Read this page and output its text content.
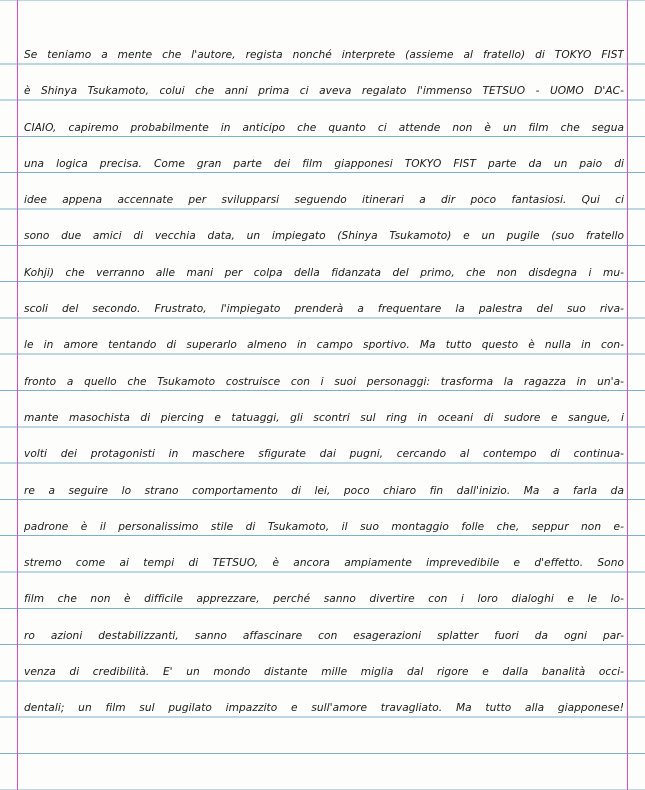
Se teniamo a mente che l'autore, regista nonché interprete (assieme al fratello) di TOKYO FIST
è Shinya Tsukamoto, colui che anni prima ci aveva regalato l'immenso TETSUO - UOMO D'AC-
CIAIO, capiremo probabilmente in anticipo che quanto ci attende non è un film che segua
una logica precisa. Come gran parte dei film giapponesi TOKYO FIST parte da un paio di
idee appena accennate per svilupparsi seguendo itinerari a dir poco fantasiosi. Qui ci
sono due amici di vecchia data, un impiegato (Shinya Tsukamoto) e un pugile (suo fratello
Kohji) che verranno alle mani per colpa della fidanzata del primo, che non disdegna i mu-
scoli del secondo. Frustrato, l'impiegato prenderà a frequentare la palestra del suo riva-
le in amore tentando di superarlo almeno in campo sportivo. Ma tutto questo è nulla in con-
fronto a quello che Tsukamoto costruisce con i suoi personaggi: trasforma la ragazza in un'a-
mante masochista di piercing e tatuaggi, gli scontri sul ring in oceani di sudore e sangue, i
volti dei protagonisti in maschere sfigurate dai pugni, cercando al contempo di continua-
re a seguire lo strano comportamento di lei, poco chiaro fin dall'inizio. Ma a farla da
padrone è il personalissimo stile di Tsukamoto, il suo montaggio folle che, seppur non e-
stremo come ai tempi di TETSUO, è ancora ampiamente imprevedibile e d'effetto. Sono
film che non è difficile apprezzare, perché sanno divertire con i loro dialoghi e le lo-
ro azioni destabilizzanti, sanno affascinare con esagerazioni splatter fuori da ogni par-
venza di credibilità. E' un mondo distante mille miglia dal rigore e dalla banalità occi-
dentali; un film sul pugilato impazzito e sull'amore travagliato. Ma tutto alla giapponese!
